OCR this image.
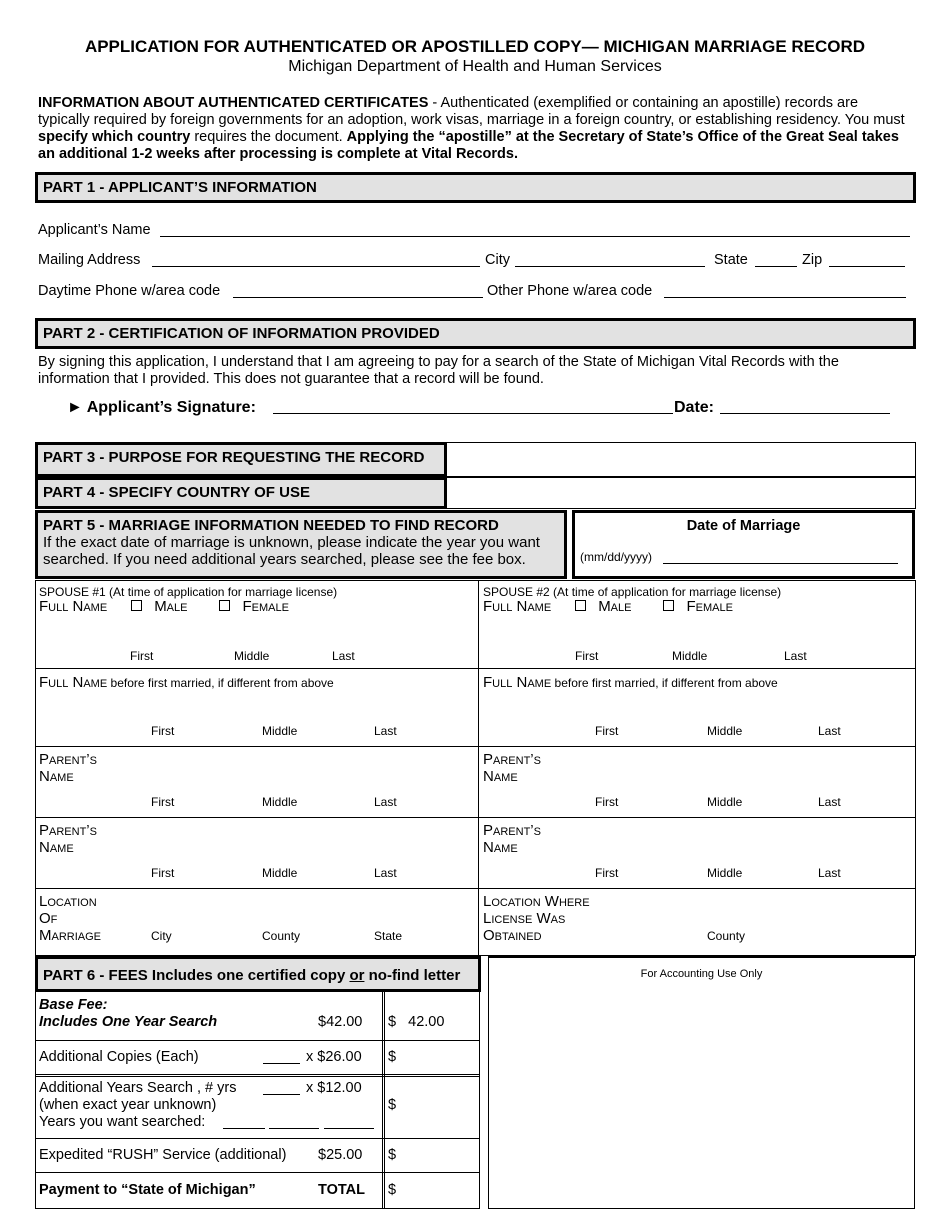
APPLICATION FOR AUTHENTICATED OR APOSTILLED COPY— MICHIGAN MARRIAGE RECORD
Michigan Department of Health and Human Services
INFORMATION ABOUT AUTHENTICATED CERTIFICATES - Authenticated (exemplified or containing an apostille) records are typically required by foreign governments for an adoption, work visas, marriage in a foreign country, or establishing residency. You must specify which country requires the document. Applying the “apostille” at the Secretary of State’s Office of the Great Seal takes an additional 1-2 weeks after processing is complete at Vital Records.
PART 1 - APPLICANT’S INFORMATION
Applicant’s Name
Mailing Address	City	State	Zip
Daytime Phone w/area code	Other Phone w/area code
PART 2 - CERTIFICATION OF INFORMATION PROVIDED
By signing this application, I understand that I am agreeing to pay for a search of the State of Michigan Vital Records with the information that I provided. This does not guarantee that a record will be found.
► Applicant’s Signature:	Date:
PART 3 - PURPOSE FOR REQUESTING THE RECORD
PART 4 - SPECIFY COUNTRY OF USE
PART 5 - MARRIAGE INFORMATION NEEDED TO FIND RECORD
If the exact date of marriage is unknown, please indicate the year you want searched. If you need additional years searched, please see the fee box.
Date of Marriage
(mm/dd/yyyy)
SPOUSE #1 (At time of application for marriage license)
Full Name	Male	Female
First	Middle	Last
Full Name before first married, if different from above
First	Middle	Last
Parent’s
Name
First	Middle	Last
Parent’s
Name
First	Middle	Last
Location
Of
Marriage	City	County	State
SPOUSE #2 (At time of application for marriage license)
Full Name	Male	Female
First	Middle	Last
Full Name before first married, if different from above
First	Middle	Last
Parent’s
Name
First	Middle	Last
Parent’s
Name
First	Middle	Last
Location Where
License Was
Obtained	County
PART 6 - FEES Includes one certified copy or no-find letter	For Accounting Use Only
Base Fee:
Includes One Year Search	$42.00 $   42.00
Additional Copies (Each)	x $26.00 $
Additional Years Search , # yrs	x $12.00
(when exact year unknown)
Years you want searched:
$
Expedited “RUSH” Service (additional) $25.00 $
Payment to “State of Michigan”	TOTAL $
